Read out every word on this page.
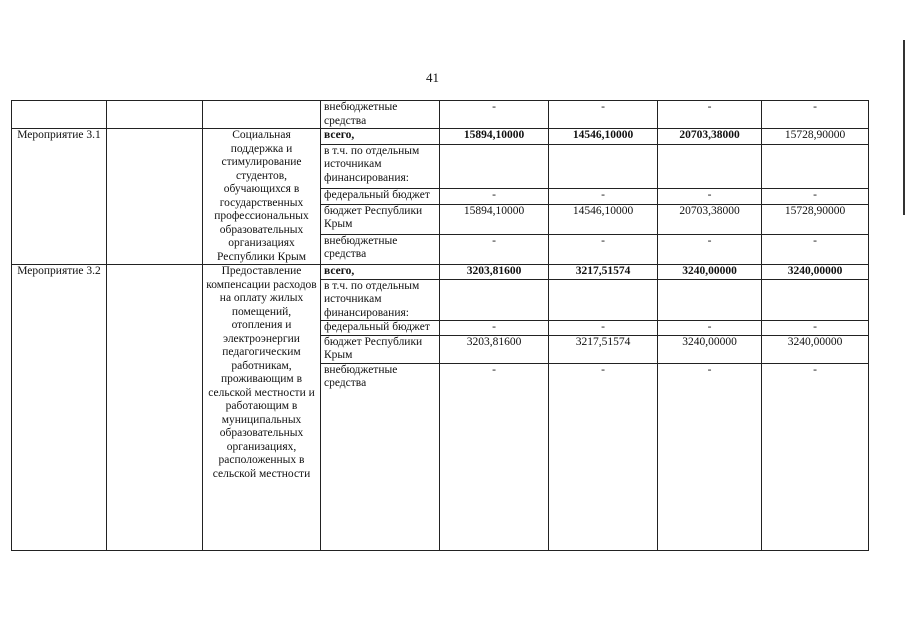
41
			внебюджетные средства	-	-	-	-
Мероприятие 3.1		Социальная поддержка и стимулирование студентов, обучающихся в государственных профессиональных образовательных организациях Республики Крым	всего,	15894,10000	14546,10000	20703,38000	15728,90000
			в т.ч. по отдельным источникам финансирования:				
			федеральный бюджет	-	-	-	-
			бюджет Республики Крым	15894,10000	14546,10000	20703,38000	15728,90000
			внебюджетные средства	-	-	-	-
Мероприятие 3.2		Предоставление компенсации расходов на оплату жилых помещений, отопления и электроэнергии педагогическим работникам, проживающим в сельской местности и работающим в муниципальных образовательных организациях, расположенных в сельской местности	всего,	3203,81600	3217,51574	3240,00000	3240,00000
			в т.ч. по отдельным источникам финансирования:				
			федеральный бюджет	-	-	-	-
			бюджет Республики Крым	3203,81600	3217,51574	3240,00000	3240,00000
			внебюджетные средства	-	-	-	-
